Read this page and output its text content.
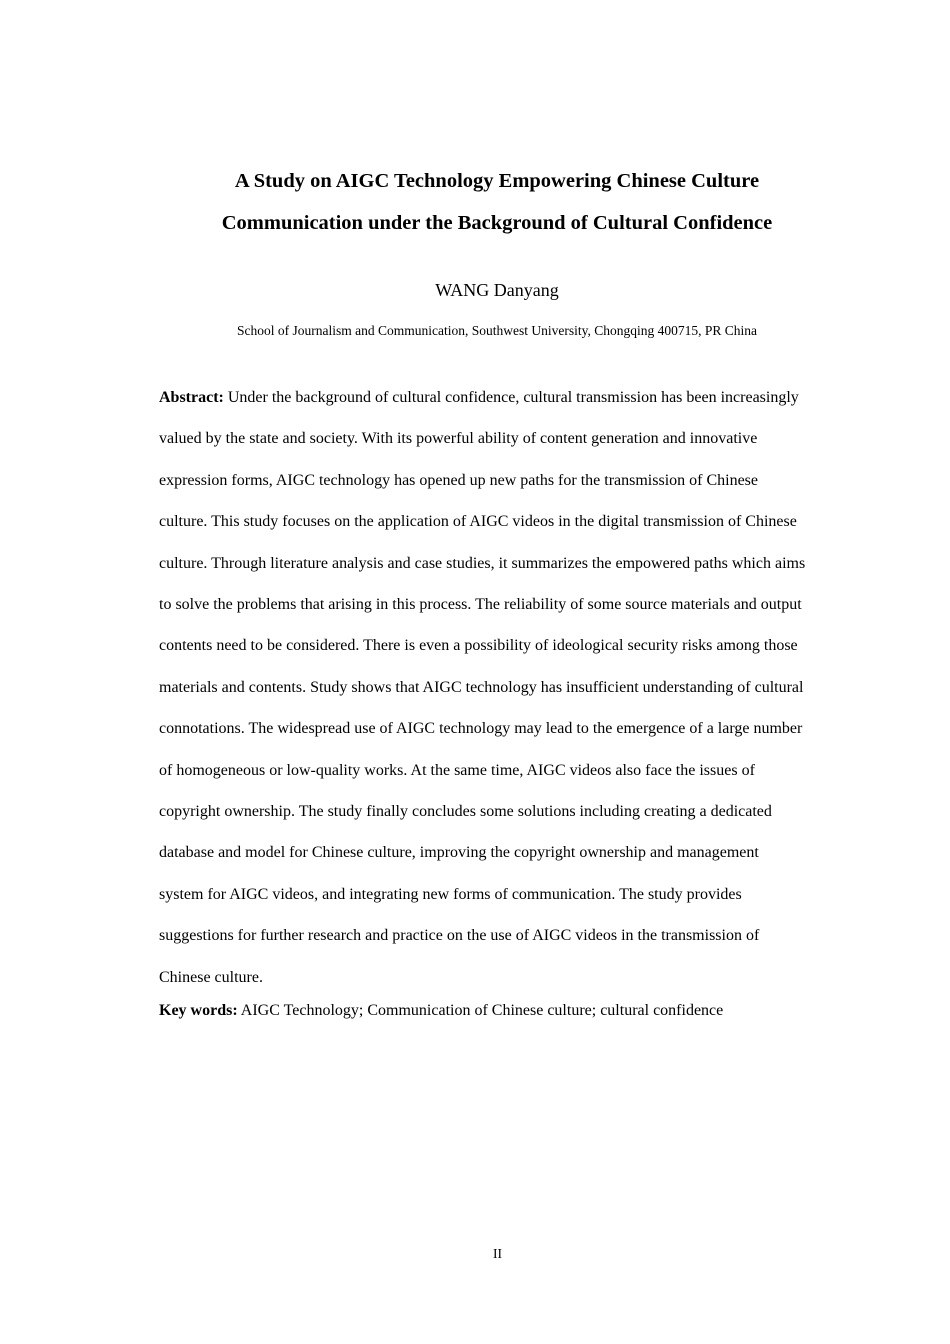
A Study on AIGC Technology Empowering Chinese Culture
Communication under the Background of Cultural Confidence
WANG Danyang
School of Journalism and Communication, Southwest University, Chongqing 400715, PR China
Abstract: Under the background of cultural confidence, cultural transmission has been increasingly
valued by the state and society. With its powerful ability of content generation and innovative
expression forms, AIGC technology has opened up new paths for the transmission of Chinese
culture. This study focuses on the application of AIGC videos in the digital transmission of Chinese
culture. Through literature analysis and case studies, it summarizes the empowered paths which aims
to solve the problems that arising in this process. The reliability of some source materials and output
contents need to be considered. There is even a possibility of ideological security risks among those
materials and contents. Study shows that AIGC technology has insufficient understanding of cultural
connotations. The widespread use of AIGC technology may lead to the emergence of a large number
of homogeneous or low-quality works. At the same time, AIGC videos also face the issues of
copyright ownership. The study finally concludes some solutions including creating a dedicated
database and model for Chinese culture, improving the copyright ownership and management
system for AIGC videos, and integrating new forms of communication. The study provides
suggestions for further research and practice on the use of AIGC videos in the transmission of
Chinese culture.
Key words: AIGC Technology; Communication of Chinese culture; cultural confidence
II
